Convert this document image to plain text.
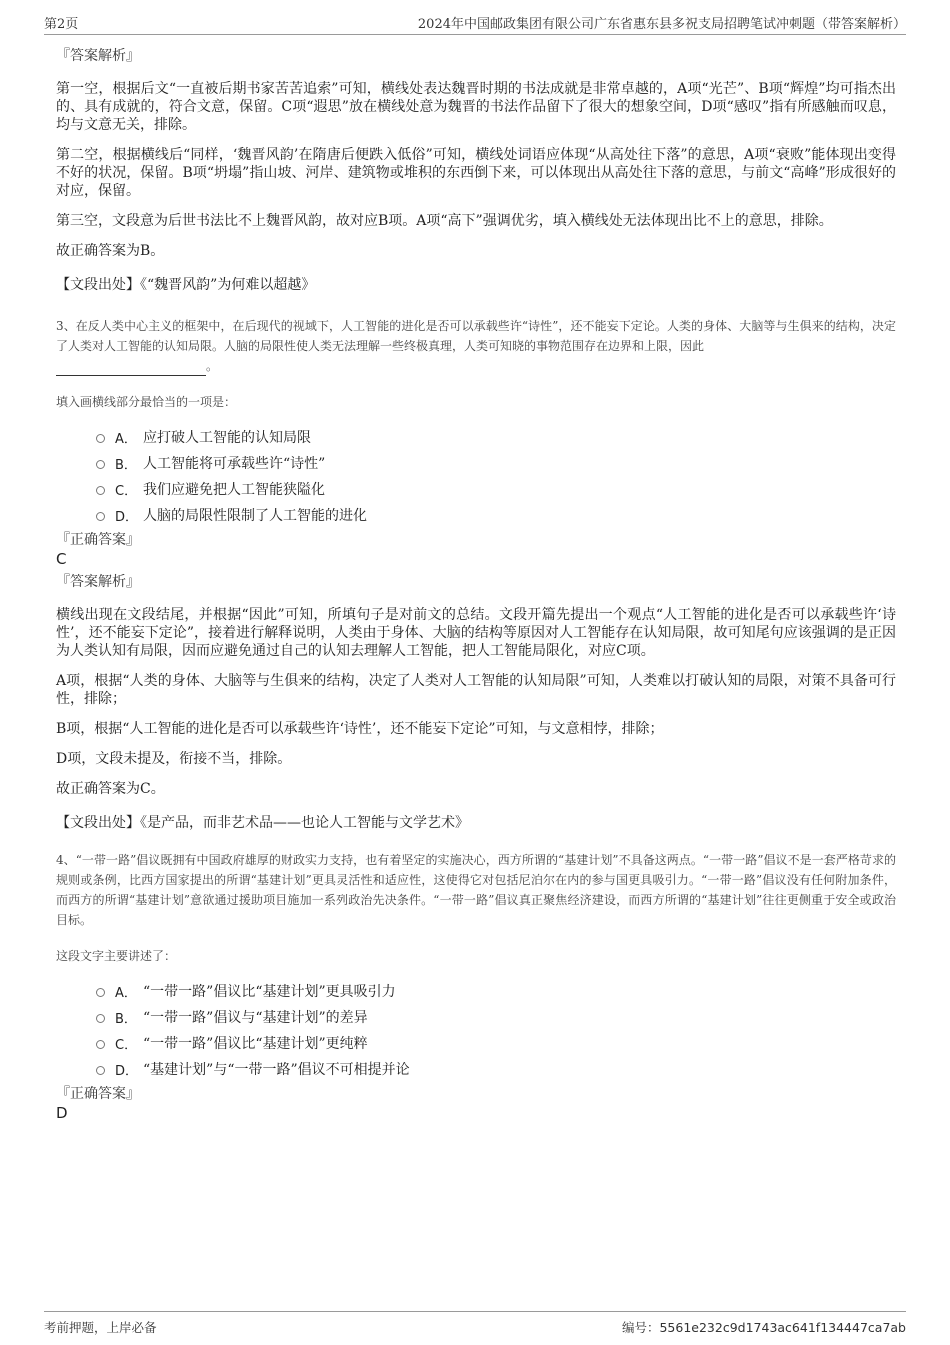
第2页	2024年中国邮政集团有限公司广东省惠东县多祝支局招聘笔试冲刺题（带答案解析）
『答案解析』

第一空，根据后文“一直被后期书家苦苦追索”可知，横线处表达魏晋时期的书法成就是非常卓越的，A项“光芒”、B项“辉煌”均可指杰出的、具有成就的，符合文意，保留。C项“遐思”放在横线处意为魏晋的书法作品留下了很大的想象空间，D项“感叹”指有所感触而叹息，均与文意无关，排除。

第二空，根据横线后“同样，‘魏晋风韵’在隋唐后便跌入低俗”可知，横线处词语应体现“从高处往下落”的意思，A项“衰败”能体现出变得不好的状况，保留。B项“坍塌”指山坡、河岸、建筑物或堆积的东西倒下来，可以体现出从高处往下落的意思，与前文“高峰”形成很好的对应，保留。

第三空，文段意为后世书法比不上魏晋风韵，故对应B项。A项“高下”强调优劣，填入横线处无法体现出比不上的意思，排除。

故正确答案为B。

【文段出处】《“魏晋风韵”为何难以超越》

3、在反人类中心主义的框架中，在后现代的视域下，人工智能的进化是否可以承载些许“诗性”，还不能妄下定论。人类的身体、大脑等与生俱来的结构，决定了人类对人工智能的认知局限。人脑的局限性使人类无法理解一些终极真理，人类可知晓的事物范围存在边界和上限，因此
。

填入画横线部分最恰当的一项是：

A． 应打破人工智能的认知局限
B． 人工智能将可承载些许“诗性”
C． 我们应避免把人工智能狭隘化
D． 人脑的局限性限制了人工智能的进化
『正确答案』
C
『答案解析』

横线出现在文段结尾，并根据“因此”可知，所填句子是对前文的总结。文段开篇先提出一个观点“人工智能的进化是否可以承载些许‘诗性’，还不能妄下定论”，接着进行解释说明，人类由于身体、大脑的结构等原因对人工智能存在认知局限，故可知尾句应该强调的是正因为人类认知有局限，因而应避免通过自己的认知去理解人工智能，把人工智能局限化，对应C项。

A项，根据“人类的身体、大脑等与生俱来的结构，决定了人类对人工智能的认知局限”可知，人类难以打破认知的局限，对策不具备可行性，排除；

B项，根据“人工智能的进化是否可以承载些许‘诗性’，还不能妄下定论”可知，与文意相悖，排除；

D项，文段未提及，衔接不当，排除。

故正确答案为C。

【文段出处】《是产品，而非艺术品——也论人工智能与文学艺术》

4、“一带一路”倡议既拥有中国政府雄厚的财政实力支持，也有着坚定的实施决心，西方所谓的“基建计划”不具备这两点。“一带一路”倡议不是一套严格苛求的规则或条例，比西方国家提出的所谓“基建计划”更具灵活性和适应性，这使得它对包括尼泊尔在内的参与国更具吸引力。“一带一路”倡议没有任何附加条件，而西方的所谓“基建计划”意欲通过援助项目施加一系列政治先决条件。“一带一路”倡议真正聚焦经济建设，而西方所谓的“基建计划”往往更侧重于安全或政治目标。

这段文字主要讲述了：

A． “一带一路”倡议比“基建计划”更具吸引力
B． “一带一路”倡议与“基建计划”的差异
C． “一带一路”倡议比“基建计划”更纯粹
D． “基建计划”与“一带一路”倡议不可相提并论
『正确答案』
D
考前押题，上岸必备	编号：5561e232c9d1743ac641f134447ca7ab
